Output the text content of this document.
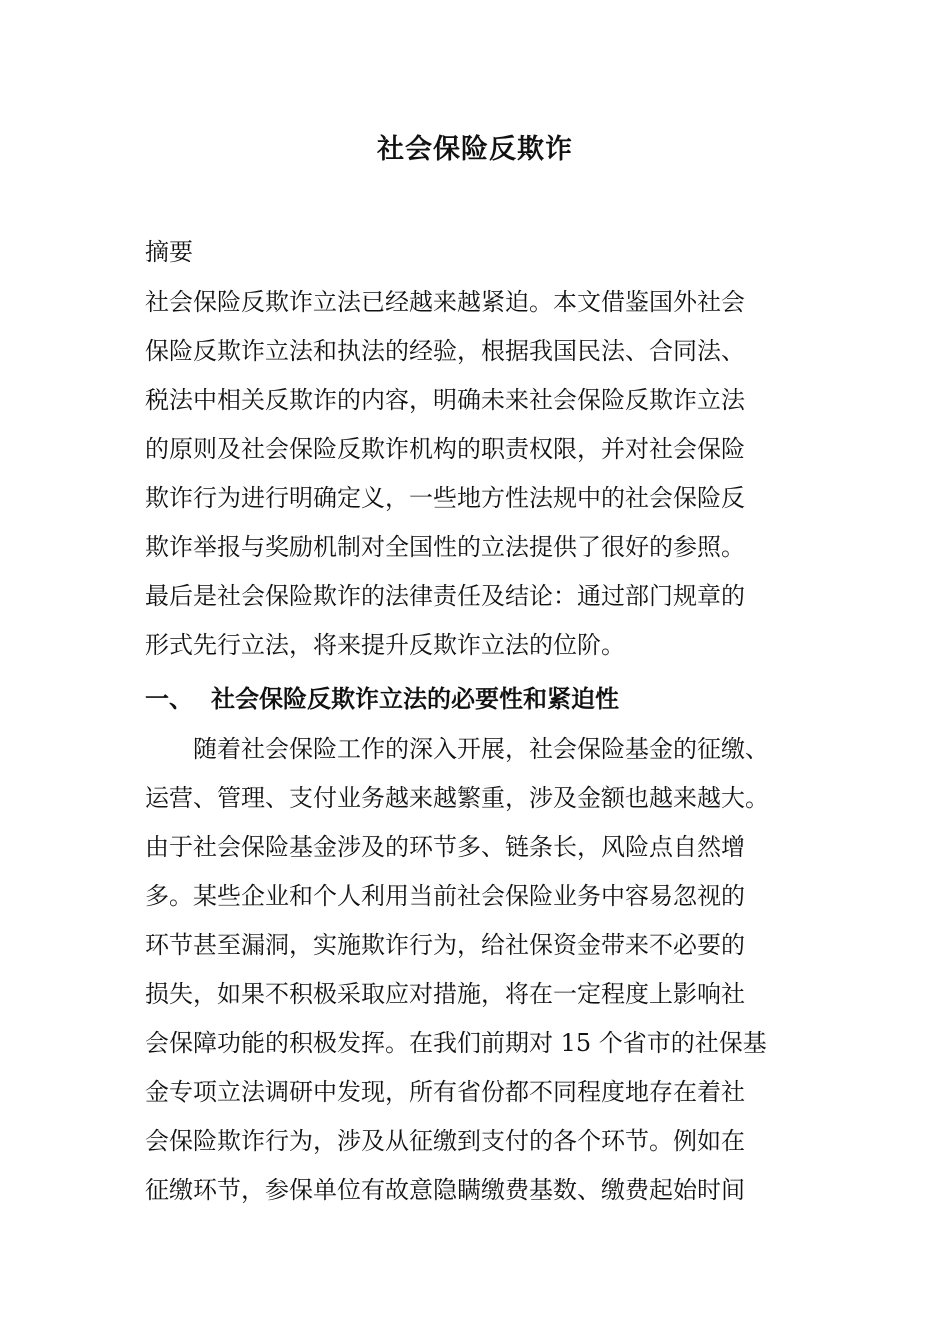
社会保险反欺诈
摘要
社会保险反欺诈立法已经越来越紧迫。本文借鉴国外社会
保险反欺诈立法和执法的经验，根据我国民法、合同法、
税法中相关反欺诈的内容，明确未来社会保险反欺诈立法
的原则及社会保险反欺诈机构的职责权限，并对社会保险
欺诈行为进行明确定义，一些地方性法规中的社会保险反
欺诈举报与奖励机制对全国性的立法提供了很好的参照。
最后是社会保险欺诈的法律责任及结论：通过部门规章的
形式先行立法，将来提升反欺诈立法的位阶。
一、 社会保险反欺诈立法的必要性和紧迫性
　　随着社会保险工作的深入开展，社会保险基金的征缴、
运营、管理、支付业务越来越繁重，涉及金额也越来越大。
由于社会保险基金涉及的环节多、链条长，风险点自然增
多。某些企业和个人利用当前社会保险业务中容易忽视的
环节甚至漏洞，实施欺诈行为，给社保资金带来不必要的
损失，如果不积极采取应对措施，将在一定程度上影响社
会保障功能的积极发挥。在我们前期对 15 个省市的社保基
金专项立法调研中发现，所有省份都不同程度地存在着社
会保险欺诈行为，涉及从征缴到支付的各个环节。例如在
征缴环节，参保单位有故意隐瞒缴费基数、缴费起始时间
